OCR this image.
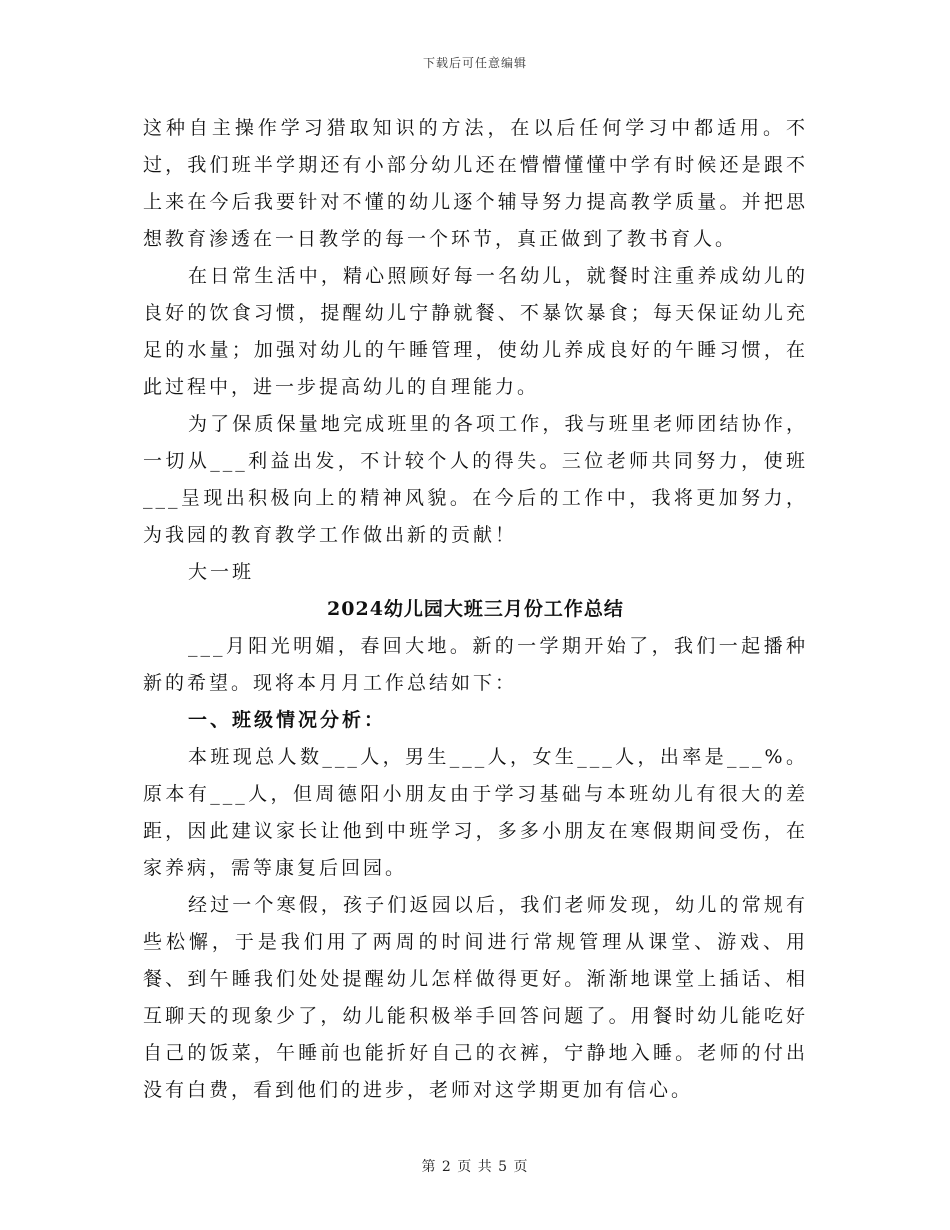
下载后可任意编辑

这种自主操作学习猎取知识的方法，在以后任何学习中都适用。不过，我们班半学期还有小部分幼儿还在懵懵懂懂中学有时候还是跟不上来在今后我要针对不懂的幼儿逐个辅导努力提高教学质量。并把思想教育渗透在一日教学的每一个环节，真正做到了教书育人。

在日常生活中，精心照顾好每一名幼儿，就餐时注重养成幼儿的良好的饮食习惯，提醒幼儿宁静就餐、不暴饮暴食；每天保证幼儿充足的水量；加强对幼儿的午睡管理，使幼儿养成良好的午睡习惯，在此过程中，进一步提高幼儿的自理能力。

为了保质保量地完成班里的各项工作，我与班里老师团结协作，一切从___利益出发，不计较个人的得失。三位老师共同努力，使班___呈现出积极向上的精神风貌。在今后的工作中，我将更加努力，为我园的教育教学工作做出新的贡献！

大一班

2024幼儿园大班三月份工作总结

___月阳光明媚，春回大地。新的一学期开始了，我们一起播种新的希望。现将本月月工作总结如下：

一、班级情况分析：

本班现总人数___人，男生___人，女生___人，出率是___%。原本有___人，但周德阳小朋友由于学习基础与本班幼儿有很大的差距，因此建议家长让他到中班学习，多多小朋友在寒假期间受伤，在家养病，需等康复后回园。

经过一个寒假，孩子们返园以后，我们老师发现，幼儿的常规有些松懈，于是我们用了两周的时间进行常规管理从课堂、游戏、用餐、到午睡我们处处提醒幼儿怎样做得更好。渐渐地课堂上插话、相互聊天的现象少了，幼儿能积极举手回答问题了。用餐时幼儿能吃好自己的饭菜，午睡前也能折好自己的衣裤，宁静地入睡。老师的付出没有白费，看到他们的进步，老师对这学期更加有信心。

第 2 页 共 5 页
